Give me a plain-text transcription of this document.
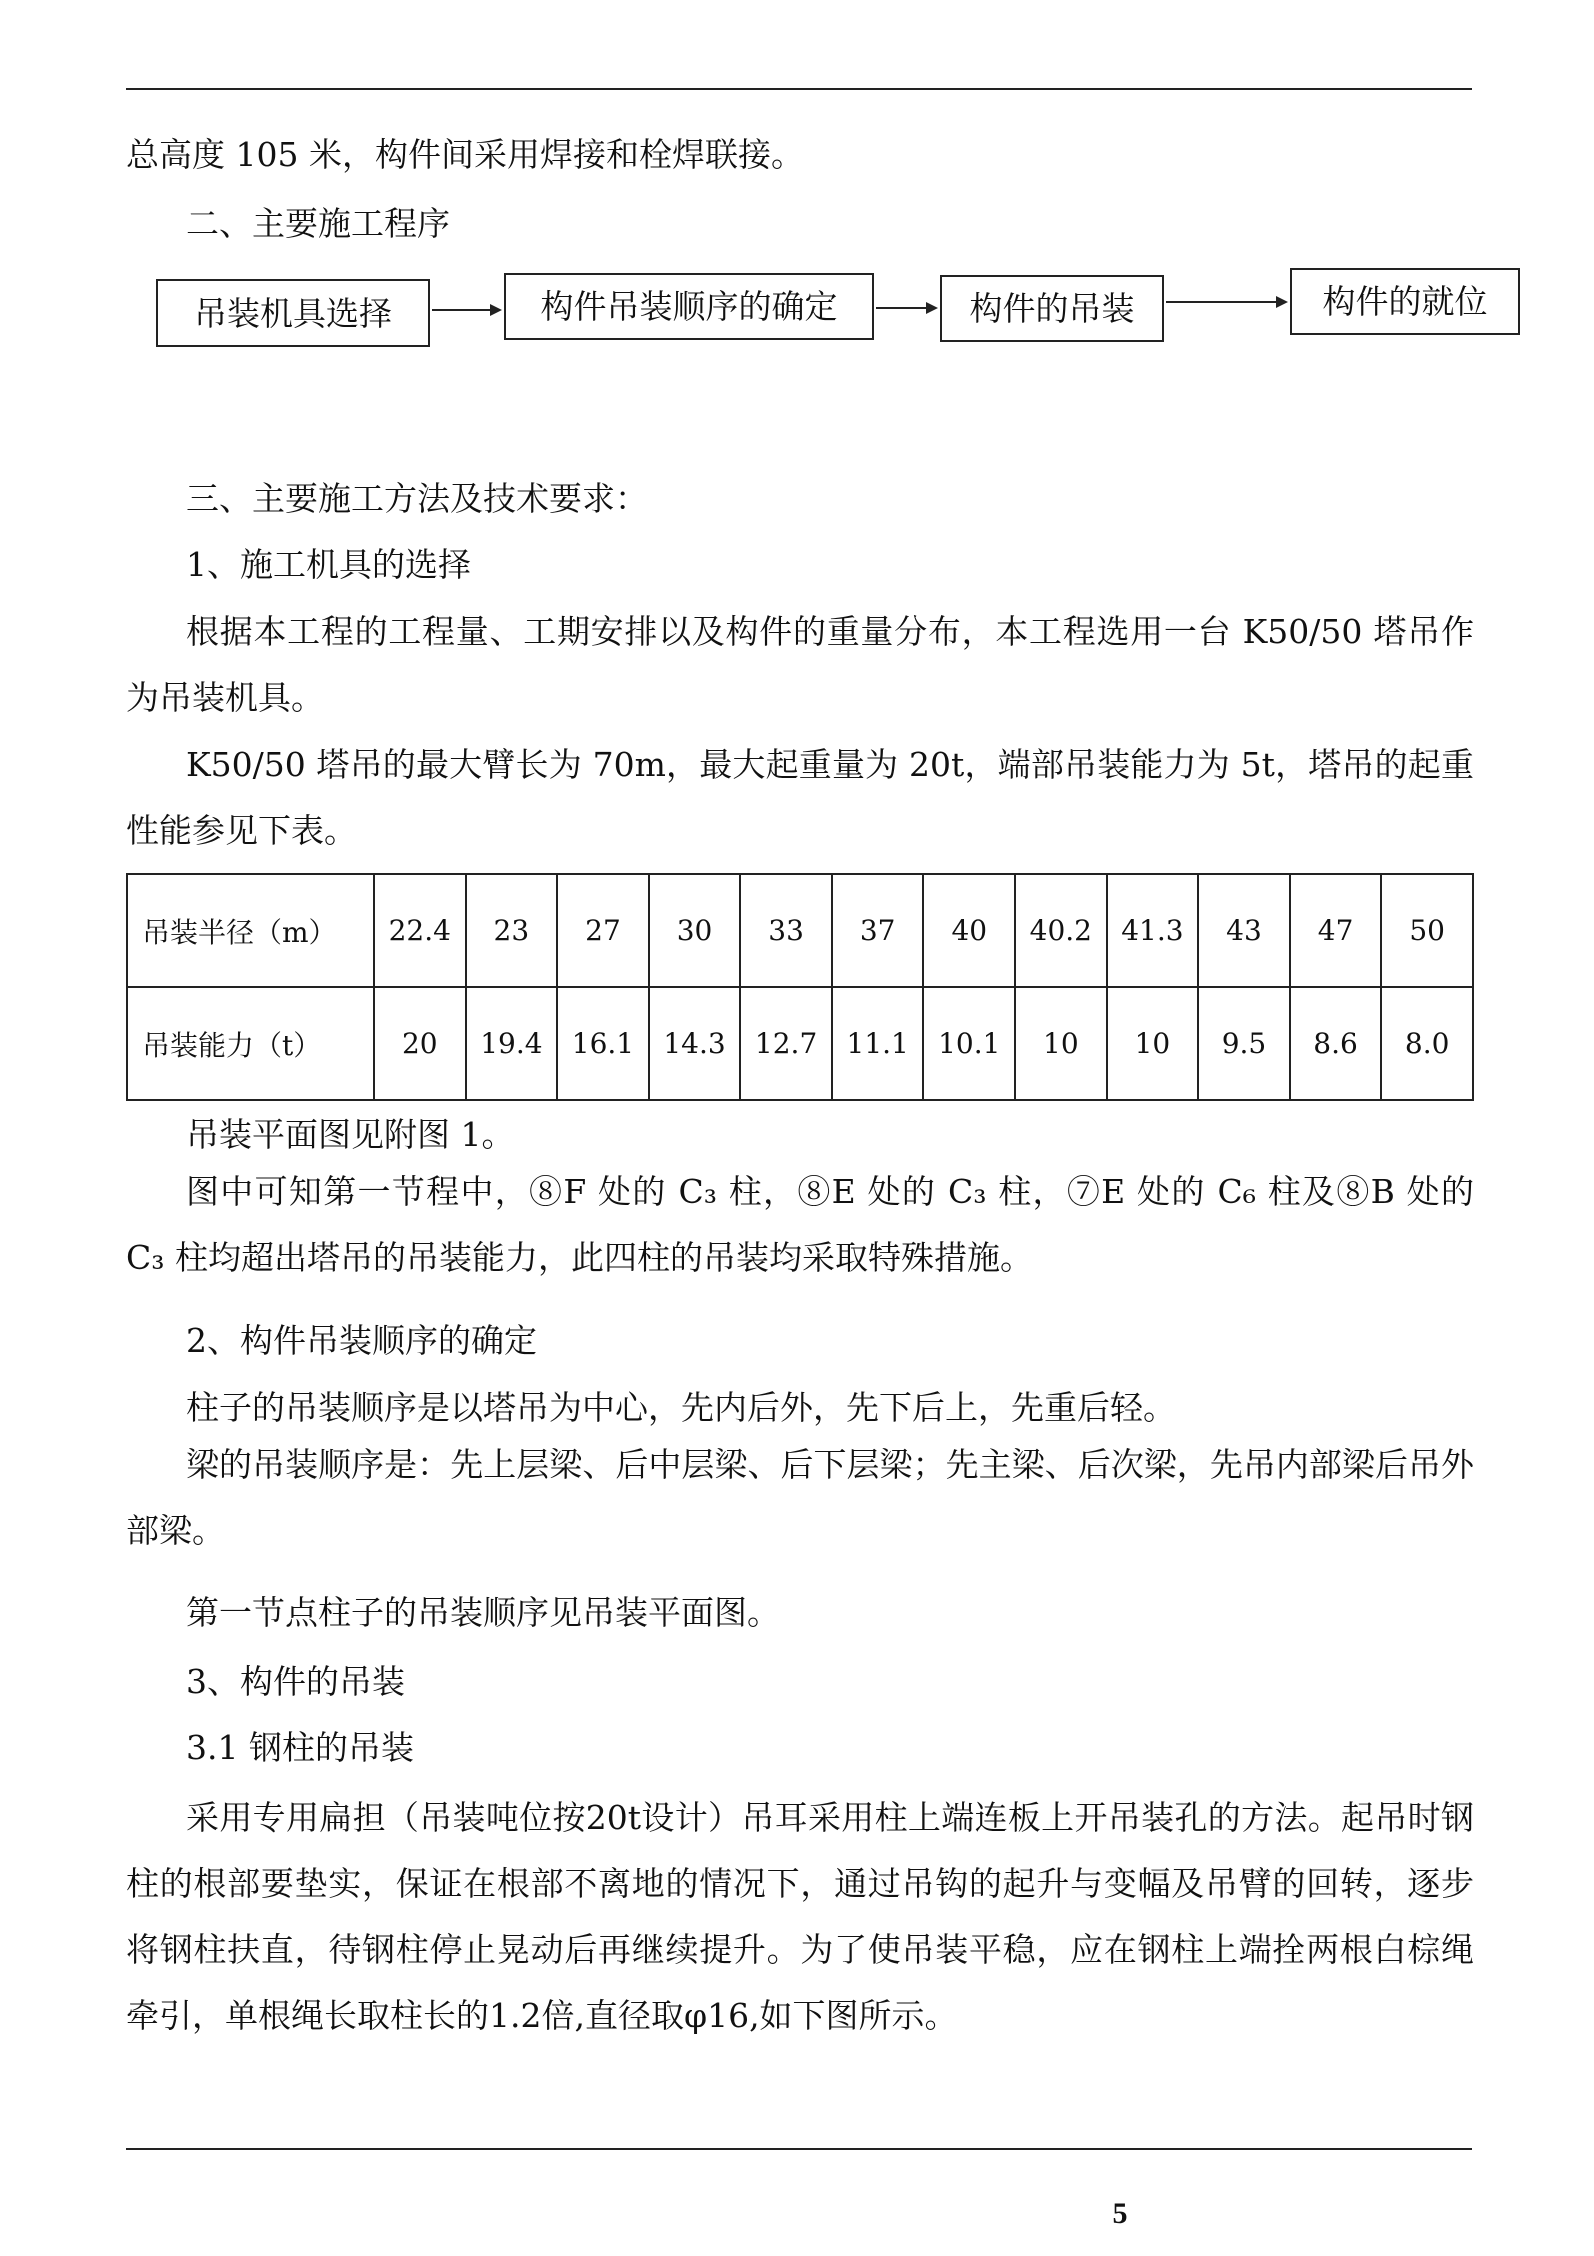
总高度 105 米，构件间采用焊接和栓焊联接。
二、主要施工程序
吊装机具选择	构件吊装顺序的确定	构件的吊装	构件的就位
三、主要施工方法及技术要求：
1、施工机具的选择
根据本工程的工程量、工期安排以及构件的重量分布，本工程选用一台 K50/50 塔吊作为吊装机具。
K50/50 塔吊的最大臂长为 70m，最大起重量为 20t，端部吊装能力为 5t，塔吊的起重性能参见下表。
吊装半径（m）	22.4	23	27	30	33	37	40	40.2	41.3	43	47	50
吊装能力（t）	20	19.4	16.1	14.3	12.7	11.1	10.1	10	10	9.5	8.6	8.0
吊装平面图见附图 1。
图中可知第一节程中，⑧F 处的 C₃ 柱，⑧E 处的 C₃ 柱，⑦E 处的 C₆ 柱及⑧B 处的 C₃ 柱均超出塔吊的吊装能力，此四柱的吊装均采取特殊措施。
2、构件吊装顺序的确定
柱子的吊装顺序是以塔吊为中心，先内后外，先下后上，先重后轻。
梁的吊装顺序是：先上层梁、后中层梁、后下层梁；先主梁、后次梁，先吊内部梁后吊外部梁。
第一节点柱子的吊装顺序见吊装平面图。
3、构件的吊装
3.1 钢柱的吊装
采用专用扁担（吊装吨位按20t设计）吊耳采用柱上端连板上开吊装孔的方法。起吊时钢柱的根部要垫实，保证在根部不离地的情况下，通过吊钩的起升与变幅及吊臂的回转，逐步将钢柱扶直，待钢柱停止晃动后再继续提升。为了使吊装平稳，应在钢柱上端拴两根白棕绳牵引，单根绳长取柱长的1.2倍,直径取φ16,如下图所示。
5
